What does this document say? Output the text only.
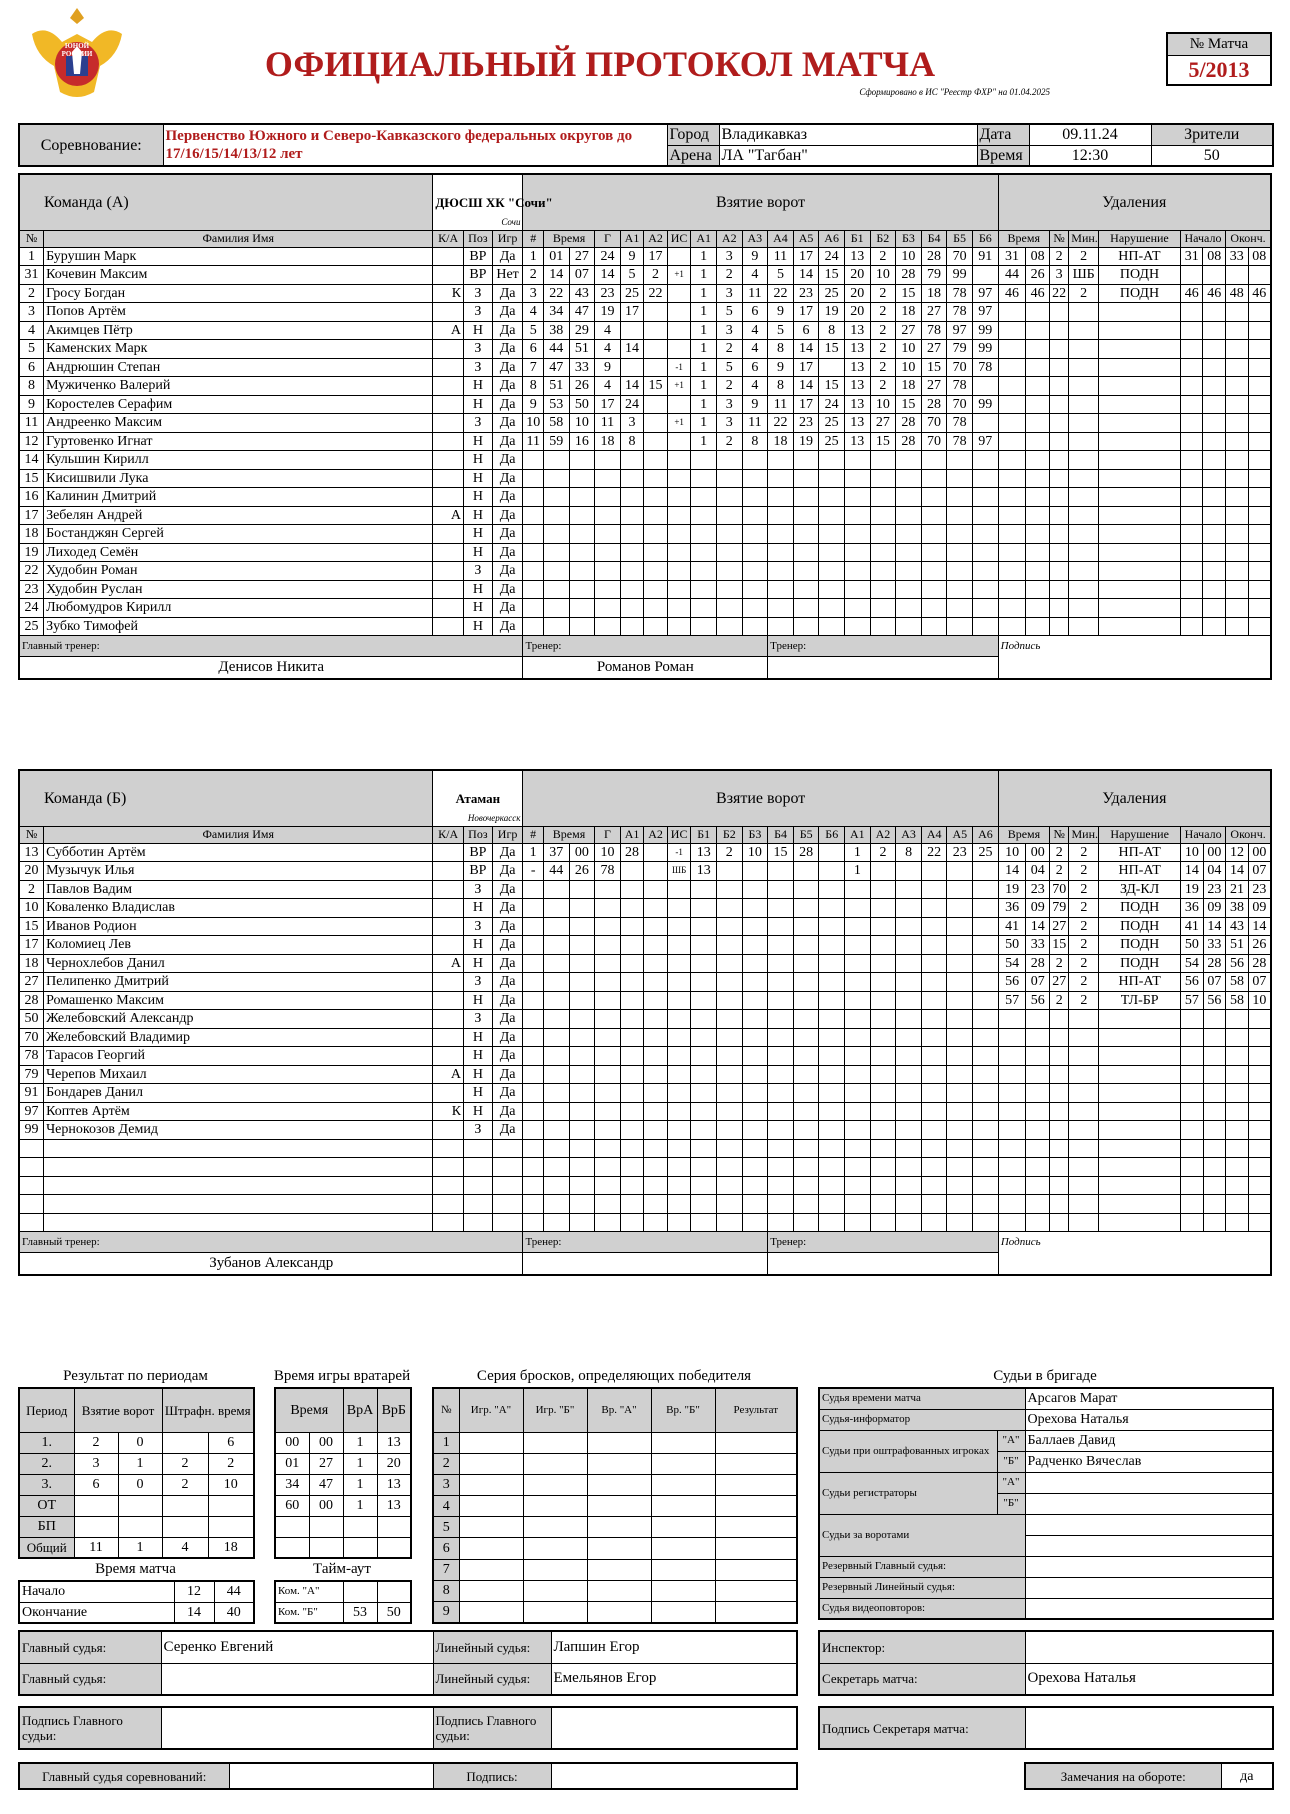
ЮНОЙ РОССИИ	ОФИЦИАЛЬНЫЙ ПРОТОКОЛ МАТЧА
Сформировано в ИС "Реестр ФХР" на 01.04.2025
№ Матча
5/2013
Соревнование:	Первенство Южного и Северо-Кавказского федеральных округов до 17/16/15/14/13/12 лет	Город	Владикавказ	Дата	09.11.24	Зрители
		Арена	ЛА "Тагбан"	Время	12:30	50
Команда (А)		ДЮСШ ХК "Сочи"
Сочи			Взятие ворот																			Удаления								
№	Фамилия Имя	К/А	Поз	Игр	#	Время		Г	А1	А2	ИС	А1	А2	А3	А4	А5	А6	Б1	Б2	Б3	Б4	Б5	Б6	Время		№	Мин.	Нарушение	Начало		Оконч.	
1	Бурушин Марк		ВР	Да	1	01	27	24	9	17		1	3	9	11	17	24	13	2	10	28	70	91	31	08	2	2	НП-АТ	31	08	33	08
31	Кочевин Максим		ВР	Нет	2	14	07	14	5	2	+1	1	2	4	5	14	15	20	10	28	79	99		44	26	3	ШБ	ПОДН				
2	Гросу Богдан	К	З	Да	3	22	43	23	25	22		1	3	11	22	23	25	20	2	15	18	78	97	46	46	22	2	ПОДН	46	46	48	46
3	Попов Артём		З	Да	4	34	47	19	17			1	5	6	9	17	19	20	2	18	27	78	97									
4	Акимцев Пётр	А	Н	Да	5	38	29	4				1	3	4	5	6	8	13	2	27	78	97	99									
5	Каменских Марк		З	Да	6	44	51	4	14			1	2	4	8	14	15	13	2	10	27	79	99									
6	Андрюшин Степан		З	Да	7	47	33	9			-1	1	5	6	9	17		13	2	10	15	70	78									
8	Мужиченко Валерий		Н	Да	8	51	26	4	14	15	+1	1	2	4	8	14	15	13	2	18	27	78										
9	Коростелев Серафим		Н	Да	9	53	50	17	24			1	3	9	11	17	24	13	10	15	28	70	99									
11	Андреенко Максим		З	Да	10	58	10	11	3		+1	1	3	11	22	23	25	13	27	28	70	78										
12	Гуртовенко Игнат		Н	Да	11	59	16	18	8			1	2	8	18	19	25	13	15	28	70	78	97									
14	Кульшин Кирилл		Н	Да																												
15	Кисишвили Лука		Н	Да																												
16	Калинин Дмитрий		Н	Да																												
17	Зебелян Андрей	А	Н	Да																												
18	Бостанджян Сергей		Н	Да																												
19	Лиходед Семён		Н	Да																												
22	Худобин Роман		З	Да																												
23	Худобин Руслан		Н	Да																												
24	Любомудров Кирилл		Н	Да																												
25	Зубко Тимофей		Н	Да																												
Главный тренер:					Тренер:										Тренер:									Подпись								
Денисов Никита					Романов Роман																											
Команда (Б)		Атаман
Новочеркасск			Взятие ворот																			Удаления								
№	Фамилия Имя	К/А	Поз	Игр	#	Время		Г	А1	А2	ИС	Б1	Б2	Б3	Б4	Б5	Б6	А1	А2	А3	А4	А5	А6	Время		№	Мин.	Нарушение	Начало		Оконч.	
13	Субботин Артём		ВР	Да	1	37	00	10	28		-1	13	2	10	15	28		1	2	8	22	23	25	10	00	2	2	НП-АТ	10	00	12	00
20	Музычук Илья		ВР	Да	-	44	26	78			ШБ	13						1						14	04	2	2	НП-АТ	14	04	14	07
2	Павлов Вадим		З	Да																				19	23	70	2	ЗД-КЛ	19	23	21	23
10	Коваленко Владислав		Н	Да																				36	09	79	2	ПОДН	36	09	38	09
15	Иванов Родион		З	Да																				41	14	27	2	ПОДН	41	14	43	14
17	Коломиец Лев		Н	Да																				50	33	15	2	ПОДН	50	33	51	26
18	Чернохлебов Данил	А	Н	Да																				54	28	2	2	ПОДН	54	28	56	28
27	Пелипенко Дмитрий		З	Да																				56	07	27	2	НП-АТ	56	07	58	07
28	Ромашенко Максим		Н	Да																				57	56	2	2	ТЛ-БР	57	56	58	10
50	Желебовский Александр		З	Да																												
70	Желебовский Владимир		Н	Да																												
78	Тарасов Георгий		Н	Да																												
79	Черепов Михаил	А	Н	Да																												
91	Бондарев Данил		Н	Да																												
97	Коптев Артём	К	Н	Да																												
99	Чернокозов Демид		З	Да																												

Главный тренер:					Тренер:										Тренер:									Подпись								
Зубанов Александр																																
Результат по периодам
Период	Взятие ворот		Штрафн. время	
1.	2	0		6
2.	3	1	2	2
3.	6	0	2	10
ОТ				
БП				
Общий	11	1	4	18
Время игры вратарей
Время		ВрА	ВрБ
00	00	1	13
01	27	1	20
34	47	1	13
60	00	1	13

Время матча
Начало	12	44
Окончание	14	40
Тайм-аут
Ком. "А"		
Ком. "Б"	53	50
Серия бросков, определяющих победителя
№	Игр. "А"	Игр. "Б"	Вр. "А"	Вр. "Б"	Результат
1					
2					
3					
4					
5					
6					
7					
8					
9					
Судьи в бригаде
Судья времени матча		Арсагов Марат
Судья-информатор		Орехова Наталья
Судьи при оштрафованных игроках	"А"	Баллаев Давид
	"Б"	Радченко Вячеслав
Судьи регистраторы	"А"	
	"Б"	
Судьи за воротами		

Резервный Главный судья:		
Резервный Линейный судья:		
Судья видеоповторов:		
Главный судья:	Серенко Евгений	Линейный судья:	Лапшин Егор
Главный судья:		Линейный судья:	Емельянов Егор
Инспектор:	
Секретарь матча:	Орехова Наталья
Подпись Главного судьи:		Подпись Главного судьи:		Подпись Секретаря матча:	
Главный судья соревнований:		Подпись:		Замечания на обороте:	да
